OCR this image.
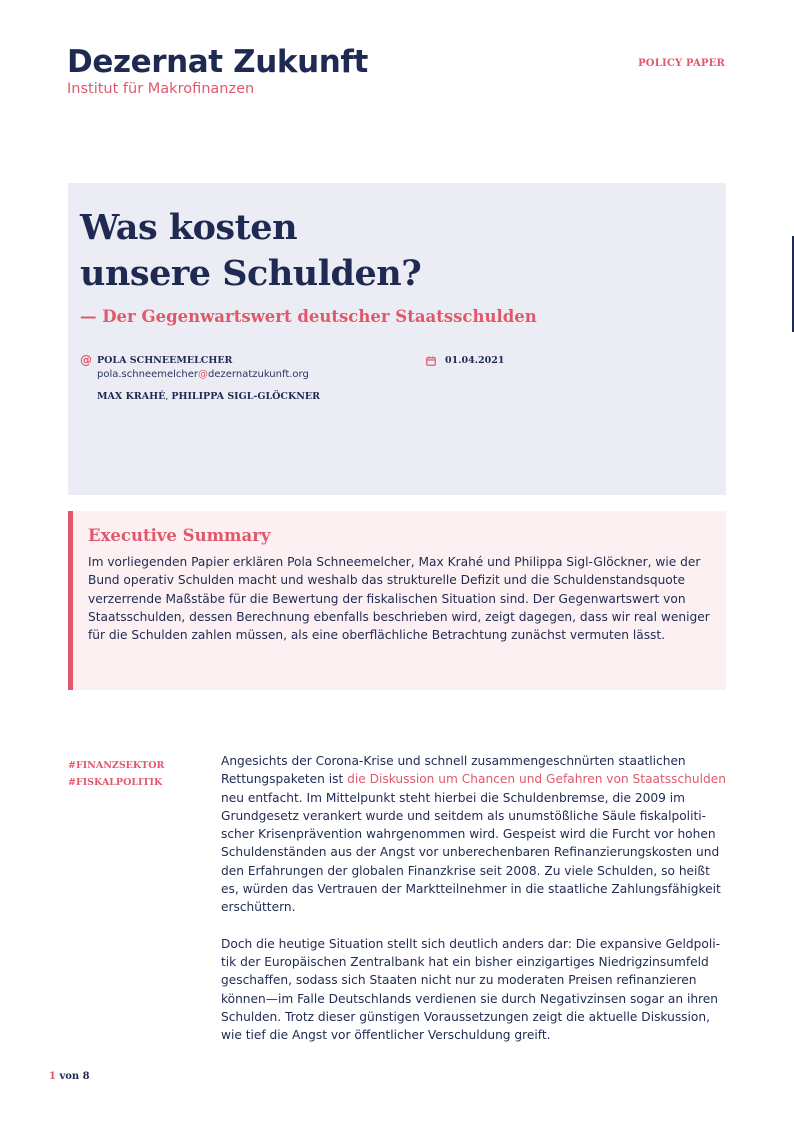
Dezernat Zukunft
Institut für Makrofinanzen
POLICY PAPER
Was kosten
unsere Schulden?
— Der Gegenwartswert deutscher Staatsschulden
@ POLA SCHNEEMELCHER
pola.schneemelcher@dezernatzukunft.org
MAX KRAHÉ, PHILIPPA SIGL-GLÖCKNER
01.04.2021
Executive Summary

Im vorliegenden Papier erklären Pola Schneemelcher, Max Krahé und Philippa Sigl-Glöckner, wie der Bund operativ Schulden macht und weshalb das strukturelle Defizit und die Schuldenstandsquote verzerrende Maßstäbe für die Bewertung der fiskalischen Situation sind. Der Gegenwartswert von Staatsschulden, dessen Berechnung ebenfalls beschrieben wird, zeigt dagegen, dass wir real weniger für die Schulden zahlen müssen, als eine oberflächliche Betrachtung zunächst vermuten lässt.

#FINANZSEKTOR
#FISKALPOLITIK

Angesichts der Corona-Krise und schnell zusammengeschnürten staatlichen Rettungspaketen ist die Diskussion um Chancen und Gefahren von Staatsschulden neu entfacht. Im Mittelpunkt steht hierbei die Schuldenbremse, die 2009 im Grundgesetz verankert wurde und seitdem als unumstößliche Säule fiskalpolitischer Krisenprävention wahrgenommen wird. Gespeist wird die Furcht vor hohen Schuldenständen aus der Angst vor unberechenbaren Refinanzierungskosten und den Erfahrungen der globalen Finanzkrise seit 2008. Zu viele Schulden, so heißt es, würden das Vertrauen der Marktteilnehmer in die staatliche Zahlungsfähigkeit erschüttern.

Doch die heutige Situation stellt sich deutlich anders dar: Die expansive Geldpolitik der Europäischen Zentralbank hat ein bisher einzigartiges Niedrigzinsumfeld geschaffen, sodass sich Staaten nicht nur zu moderaten Preisen refinanzieren können—im Falle Deutschlands verdienen sie durch Negativzinsen sogar an ihren Schulden. Trotz dieser günstigen Voraussetzungen zeigt die aktuelle Diskussion, wie tief die Angst vor öffentlicher Verschuldung greift.

1 von 8
